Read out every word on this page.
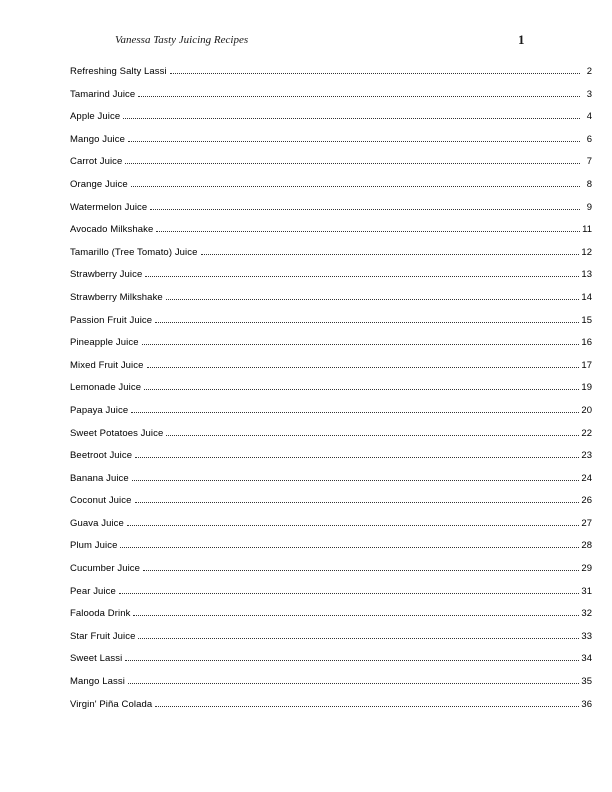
Vanessa Tasty Juicing Recipes	1
Refreshing Salty Lassi	2
Tamarind Juice	3
Apple Juice	4
Mango Juice	6
Carrot Juice	7
Orange Juice	8
Watermelon Juice	9
Avocado Milkshake	11
Tamarillo (Tree Tomato) Juice	12
Strawberry Juice	13
Strawberry Milkshake	14
Passion Fruit Juice	15
Pineapple Juice	16
Mixed Fruit Juice	17
Lemonade Juice	19
Papaya Juice	20
Sweet Potatoes Juice	22
Beetroot Juice	23
Banana Juice	24
Coconut Juice	26
Guava Juice	27
Plum Juice	28
Cucumber Juice	29
Pear Juice	31
Falooda Drink	32
Star Fruit Juice	33
Sweet Lassi	34
Mango Lassi	35
Virgin' Piña Colada	36
